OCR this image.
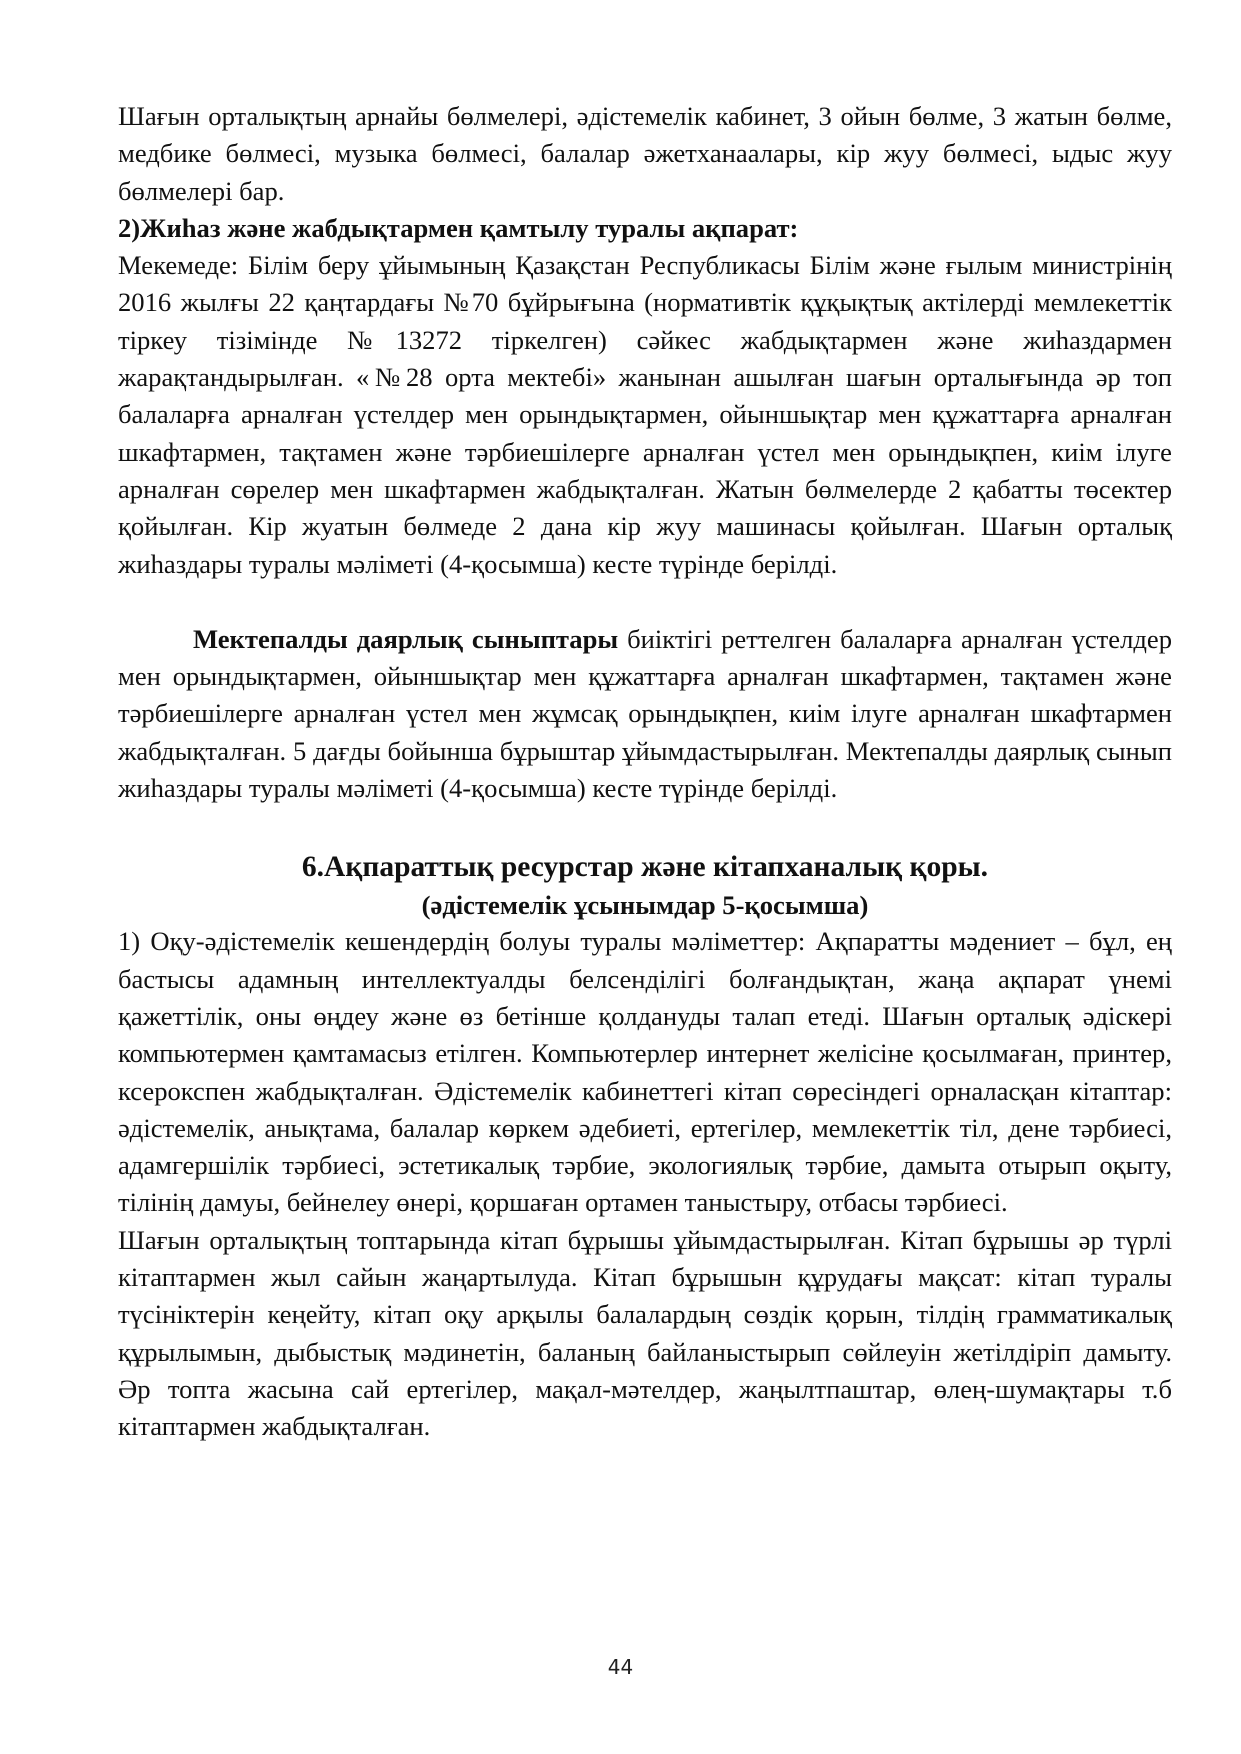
Шағын орталықтың арнайы бөлмелері, әдістемелік кабинет, 3 ойын бөлме, 3 жатын бөлме, медбике бөлмесі, музыка бөлмесі, балалар әжетханаалары, кір жуу бөлмесі, ыдыс жуу бөлмелері бар.

2)Жиһаз және жабдықтармен қамтылу туралы ақпарат:

Мекемеде: Білім беру ұйымының Қазақстан Республикасы Білім және ғылым министрінің 2016 жылғы 22 қаңтардағы №70 бұйрығына (нормативтік құқықтық актілерді мемлекеттік тіркеу тізімінде №13272 тіркелген) сәйкес жабдықтармен және жиһаздармен жарақтандырылған. «№28 орта мектебі» жанынан ашылған шағын орталығында әр топ балаларға арналған үстелдер мен орындықтармен, ойыншықтар мен құжаттарға арналған шкафтармен, тақтамен және тәрбиешілерге арналған үстел мен орындықпен, киім ілуге арналған сөрелер мен шкафтармен жабдықталған. Жатын бөлмелерде 2 қабатты төсектер қойылған. Кір жуатын бөлмеде 2 дана кір жуу машинасы қойылған. Шағын орталық жиһаздары туралы мәліметі (4-қосымша) кесте түрінде берілді.

Мектепалды даярлық сыныптары биіктігі реттелген балаларға арналған үстелдер мен орындықтармен, ойыншықтар мен құжаттарға арналған шкафтармен, тақтамен және тәрбиешілерге арналған үстел мен жұмсақ орындықпен, киім ілуге арналған шкафтармен жабдықталған. 5 дағды бойынша бұрыштар ұйымдастырылған. Мектепалды даярлық сынып жиһаздары туралы мәліметі (4-қосымша) кесте түрінде берілді.

6.Ақпараттық ресурстар және кітапханалық қоры.

(әдістемелік ұсынымдар 5-қосымша)

1) Оқу-әдістемелік кешендердің болуы туралы мәліметтер: Ақпаратты мәдениет – бұл, ең бастысы адамның интеллектуалды белсенділігі болғандықтан, жаңа ақпарат үнемі қажеттілік, оны өңдеу және өз бетінше қолдануды талап етеді. Шағын орталық әдіскері компьютермен қамтамасыз етілген. Компьютерлер интернет желісіне қосылмаған, принтер, ксерокспен жабдықталған. Әдістемелік кабинеттегі кітап сөресіндегі орналасқан кітаптар: әдістемелік, анықтама, балалар көркем әдебиеті, ертегілер, мемлекеттік тіл, дене тәрбиесі, адамгершілік тәрбиесі, эстетикалық тәрбие, экологиялық тәрбие, дамыта отырып оқыту, тілінің дамуы, бейнелеу өнері, қоршаған ортамен таныстыру, отбасы тәрбиесі.

Шағын орталықтың топтарында кітап бұрышы ұйымдастырылған. Кітап бұрышы әр түрлі кітаптармен жыл сайын жаңартылуда. Кітап бұрышын құрудағы мақсат: кітап туралы түсініктерін кеңейту, кітап оқу арқылы балалардың сөздік қорын, тілдің грамматикалық құрылымын, дыбыстық мәдинетін, баланың байланыстырып сөйлеуін жетілдіріп дамыту. Әр топта жасына сай ертегілер, мақал-мәтелдер, жаңылтпаштар, өлең-шумақтары т.б кітаптармен жабдықталған.

44
